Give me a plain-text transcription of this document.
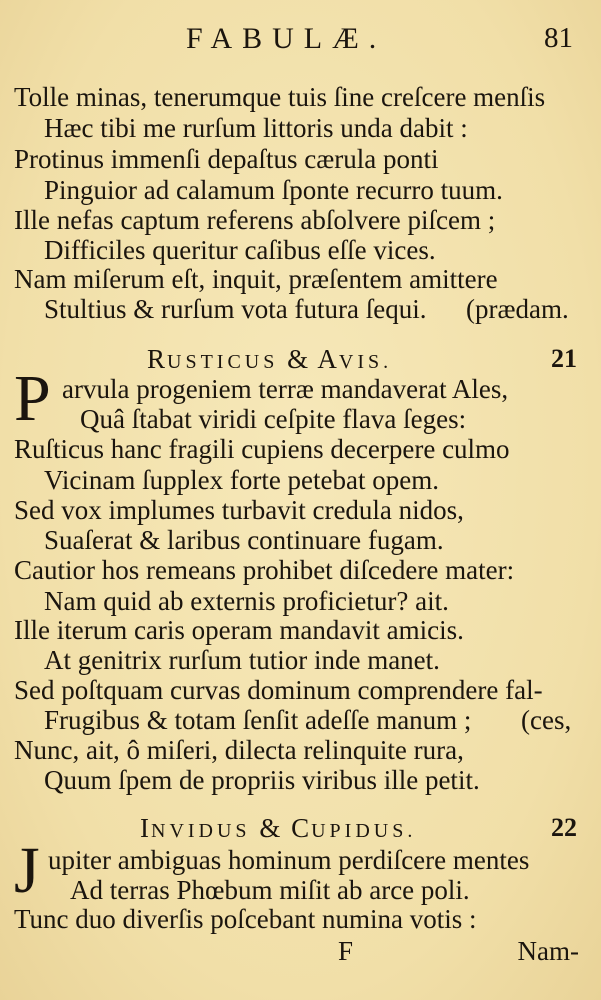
FABULÆ.	81
Tolle minas, tenerumque tuis ſine creſcere menſis
Hæc tibi me rurſum littoris unda dabit :
Protinus immenſi depaſtus cærula ponti
Pinguior ad calamum ſponte recurro tuum.
Ille nefas captum referens abſolvere piſcem ;
Difficiles queritur caſibus eſſe vices.
Nam miſerum eſt, inquit, præſentem amittere
Stultius & rurſum vota futura ſequi. (prædam.
RUSTICUS & AVIS.	21
P arvula progeniem terræ mandaverat Ales,
Quâ ſtabat viridi ceſpite flava ſeges:
Ruſticus hanc fragili cupiens decerpere culmo
Vicinam ſupplex forte petebat opem.
Sed vox implumes turbavit credula nidos,
Suaſerat & laribus continuare fugam.
Cautior hos remeans prohibet diſcedere mater:
Nam quid ab externis proficietur? ait.
Ille iterum caris operam mandavit amicis.
At genitrix rurſum tutior inde manet.
Sed poſtquam curvas dominum comprendere fal-
Frugibus & totam ſenſit adeſſe manum ; (ces,
Nunc, ait, ô miſeri, dilecta relinquite rura,
Quum ſpem de propriis viribus ille petit.
INVIDUS & CUPIDUS.	22
J upiter ambiguas hominum perdiſcere mentes
Ad terras Phœbum miſit ab arce poli.
Tunc duo diverſis poſcebant numina votis :
F	Nam-
